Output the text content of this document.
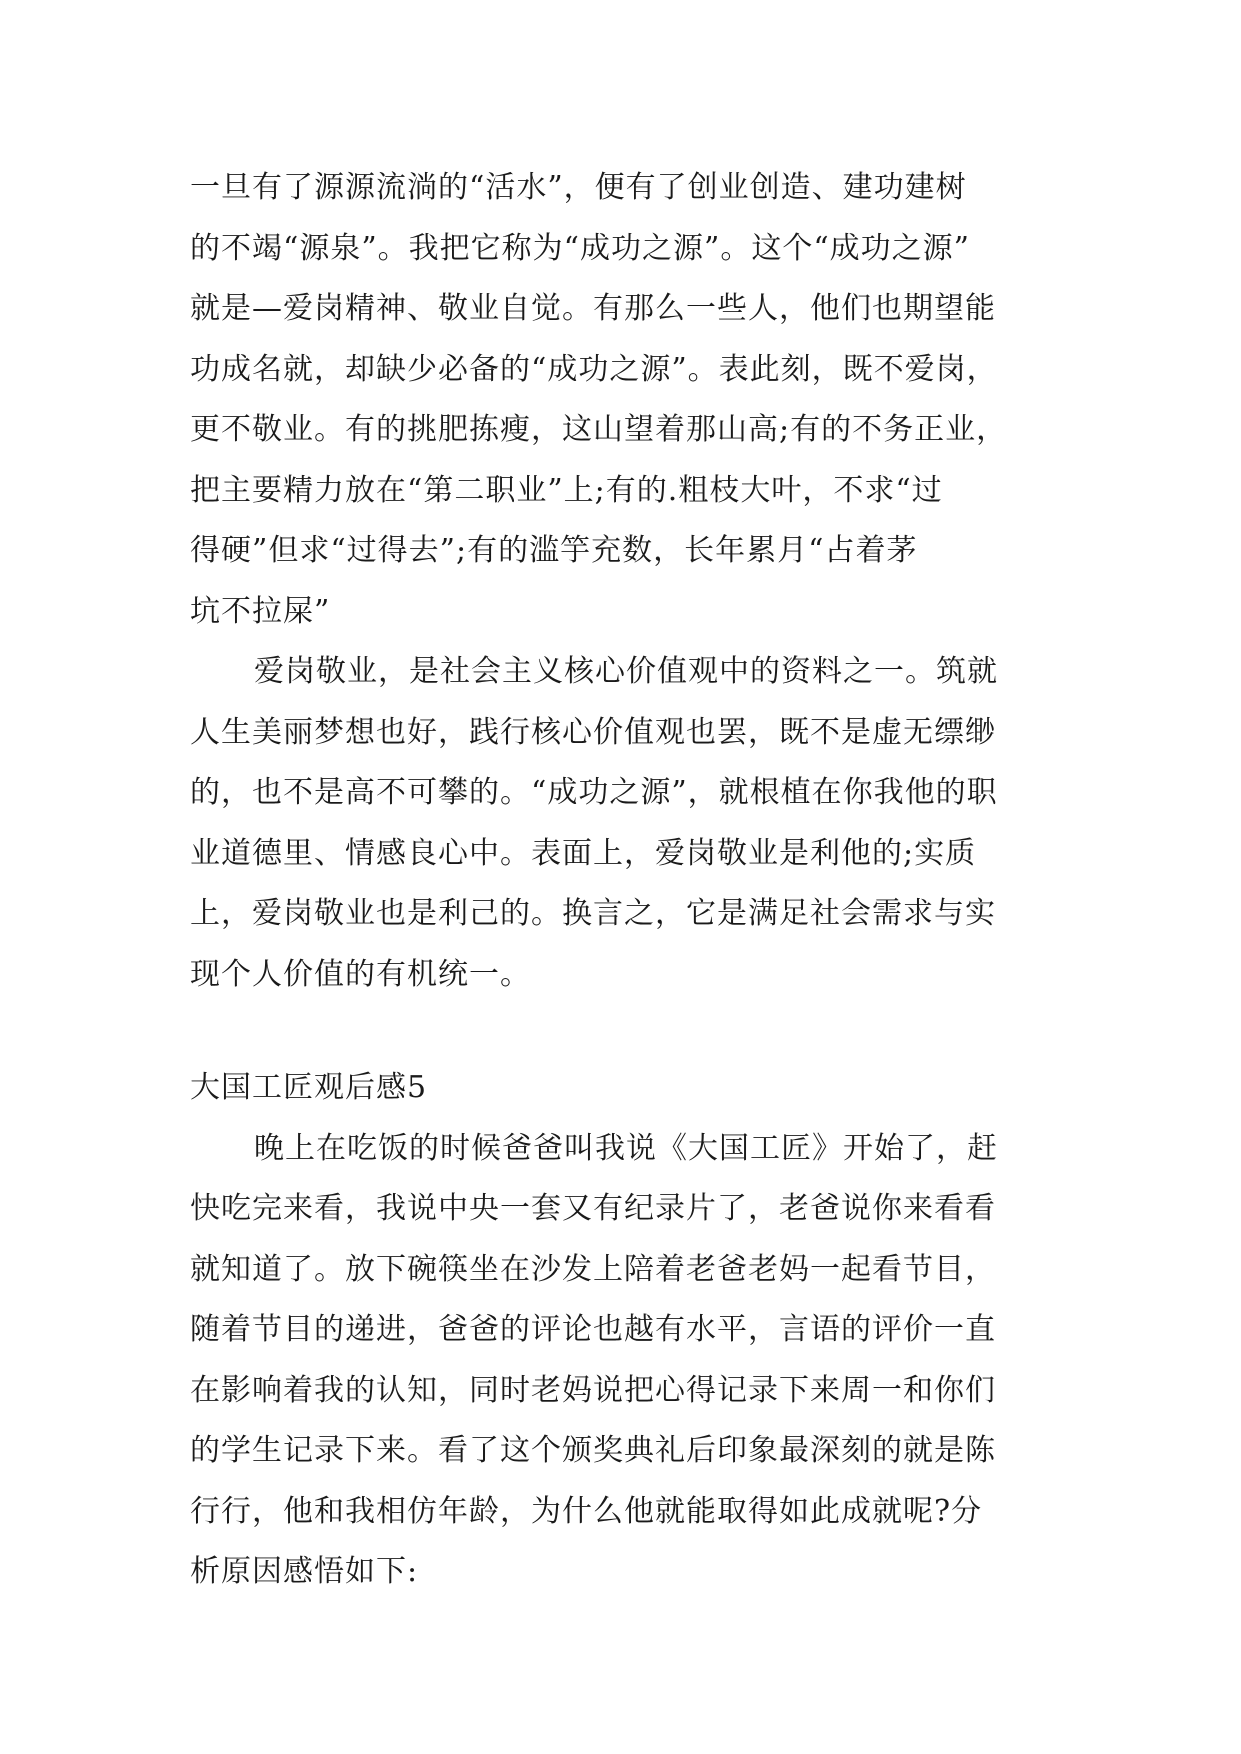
一旦有了源源流淌的“活水”，便有了创业创造、建功建树
的不竭“源泉”。我把它称为“成功之源”。这个“成功之源”
就是—爱岗精神、敬业自觉。有那么一些人，他们也期望能
功成名就，却缺少必备的“成功之源”。表此刻，既不爱岗，
更不敬业。有的挑肥拣瘦，这山望着那山高;有的不务正业，
把主要精力放在“第二职业”上;有的.粗枝大叶，不求“过
得硬”但求“过得去”;有的滥竽充数，长年累月“占着茅
坑不拉屎”

爱岗敬业，是社会主义核心价值观中的资料之一。筑就
人生美丽梦想也好，践行核心价值观也罢，既不是虚无缥缈
的，也不是高不可攀的。“成功之源”，就根植在你我他的职
业道德里、情感良心中。表面上，爱岗敬业是利他的;实质
上，爱岗敬业也是利己的。换言之，它是满足社会需求与实
现个人价值的有机统一。

大国工匠观后感5

晚上在吃饭的时候爸爸叫我说《大国工匠》开始了，赶
快吃完来看，我说中央一套又有纪录片了，老爸说你来看看
就知道了。放下碗筷坐在沙发上陪着老爸老妈一起看节目，
随着节目的递进，爸爸的评论也越有水平，言语的评价一直
在影响着我的认知，同时老妈说把心得记录下来周一和你们
的学生记录下来。看了这个颁奖典礼后印象最深刻的就是陈
行行，他和我相仿年龄，为什么他就能取得如此成就呢?分
析原因感悟如下:
